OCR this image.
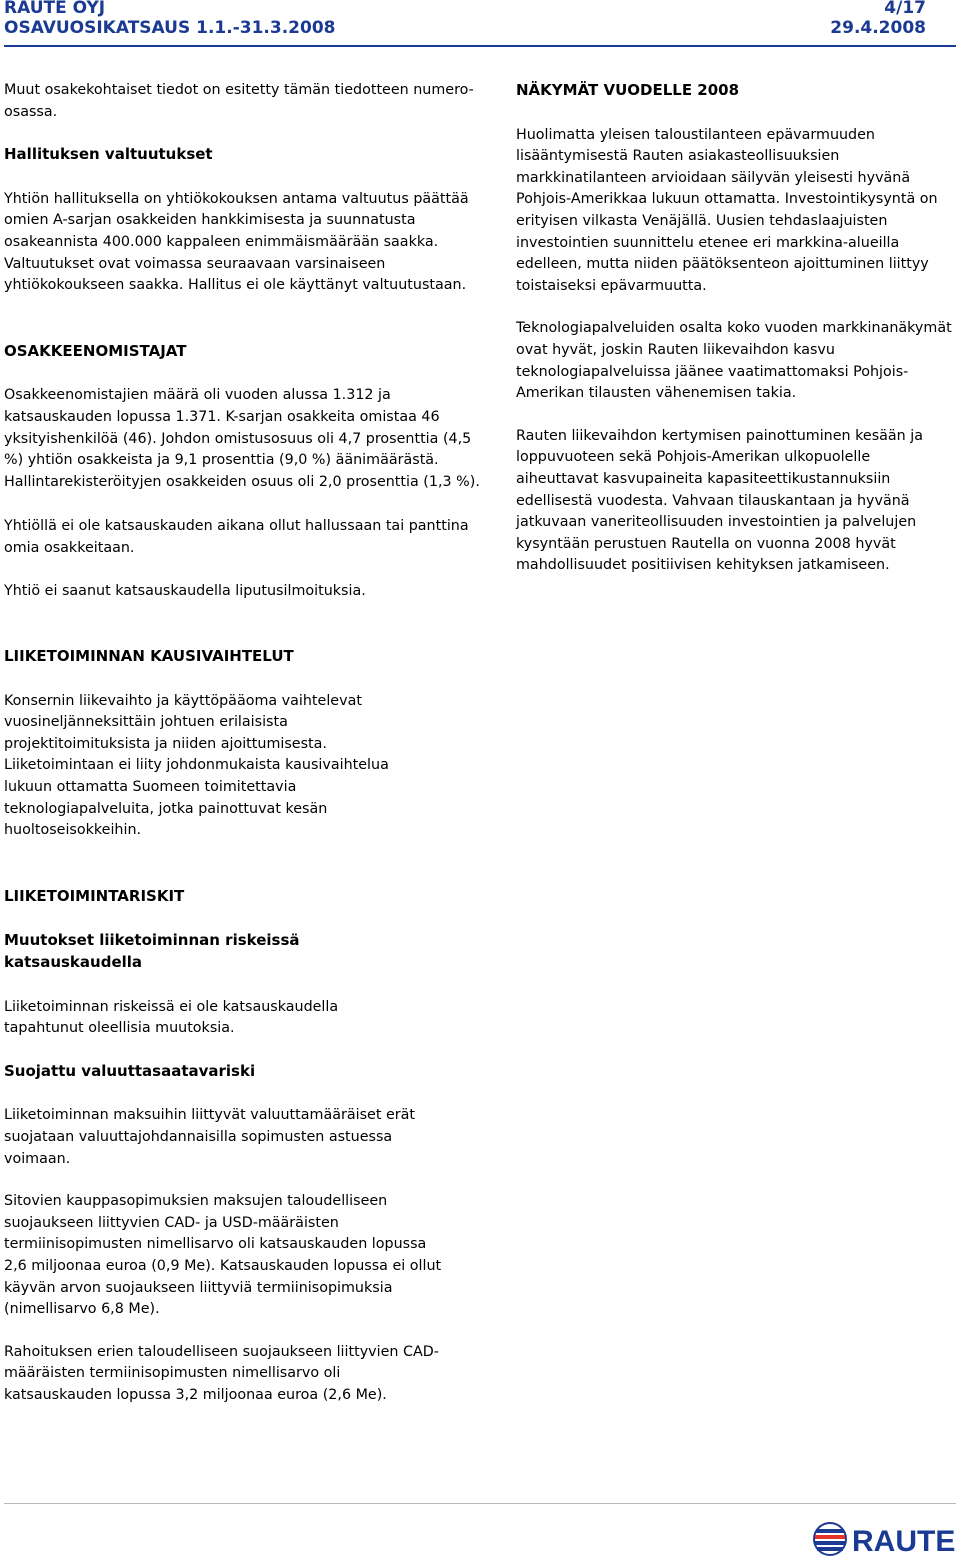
RAUTE OYJ	4/17
OSAVUOSIKATSAUS 1.1.-31.3.2008	29.4.2008

Muut osakekohtaiset tiedot on esitetty tämän tiedotteen numero-osassa.

Hallituksen valtuutukset

Yhtiön hallituksella on yhtiökokouksen antama valtuutus päättää omien A-sarjan osakkeiden hankkimisesta ja suunnatusta osakeannista 400.000 kappaleen enimmäismäärään saakka. Valtuutukset ovat voimassa seuraavaan varsinaiseen yhtiökokoukseen saakka. Hallitus ei ole käyttänyt valtuutustaan.

OSAKKEENOMISTAJAT

Osakkeenomistajien määrä oli vuoden alussa 1.312 ja katsauskauden lopussa 1.371. K-sarjan osakkeita omistaa 46 yksityishenkilöä (46). Johdon omistusosuus oli 4,7 prosenttia (4,5 %) yhtiön osakkeista ja 9,1 prosenttia (9,0 %) äänimäärästä. Hallintarekisteröityjen osakkeiden osuus oli 2,0 prosenttia (1,3 %).

Yhtiöllä ei ole katsauskauden aikana ollut hallussaan tai panttina omia osakkeitaan.

Yhtiö ei saanut katsauskaudella liputusilmoituksia.

LIIKETOIMINNAN KAUSIVAIHTELUT

Konsernin liikevaihto ja käyttöpääoma vaihtelevat vuosineljänneksittäin johtuen erilaisista projektitoimituksista ja niiden ajoittumisesta. Liiketoimintaan ei liity johdonmukaista kausivaihtelua lukuun ottamatta Suomeen toimitettavia teknologiapalveluita, jotka painottuvat kesän huoltoseisokkeihin.

LIIKETOIMINTARISKIT

Muutokset liiketoiminnan riskeissä katsauskaudella

Liiketoiminnan riskeissä ei ole katsauskaudella tapahtunut oleellisia muutoksia.

Suojattu valuuttasaatavariski

Liiketoiminnan maksuihin liittyvät valuuttamääräiset erät suojataan valuuttajohdannaisilla sopimusten astuessa voimaan.

Sitovien kauppasopimuksien maksujen taloudelliseen suojaukseen liittyvien CAD- ja USD-määräisten termiinisopimusten nimellisarvo oli katsauskauden lopussa 2,6 miljoonaa euroa (0,9 Me). Katsauskauden lopussa ei ollut käyvän arvon suojaukseen liittyviä termiinisopimuksia (nimellisarvo 6,8 Me).

Rahoituksen erien taloudelliseen suojaukseen liittyvien CAD-määräisten termiinisopimusten nimellisarvo oli katsauskauden lopussa 3,2 miljoonaa euroa (2,6 Me).

NÄKYMÄT VUODELLE 2008

Huolimatta yleisen taloustilanteen epävarmuuden lisääntymisestä Rauten asiakasteollisuuksien markkinatilanteen arvioidaan säilyvän yleisesti hyvänä Pohjois-Amerikkaa lukuun ottamatta. Investointikysyntä on erityisen vilkasta Venäjällä. Uusien tehdaslaajuisten investointien suunnittelu etenee eri markkina-alueilla edelleen, mutta niiden päätöksenteon ajoittuminen liittyy toistaiseksi epävarmuutta.

Teknologiapalveluiden osalta koko vuoden markkinanäkymät ovat hyvät, joskin Rauten liikevaihdon kasvu teknologiapalveluissa jäänee vaatimattomaksi Pohjois-Amerikan tilausten vähenemisen takia.

Rauten liikevaihdon kertymisen painottuminen kesään ja loppuvuoteen sekä Pohjois-Amerikan ulkopuolelle aiheuttavat kasvupaineita kapasiteettikustannuksiin edellisestä vuodesta. Vahvaan tilauskantaan ja hyvänä jatkuvaan vaneriteollisuuden investointien ja palvelujen kysyntään perustuen Rautella on vuonna 2008 hyvät mahdollisuudet positiivisen kehityksen jatkamiseen.

RAUTE
